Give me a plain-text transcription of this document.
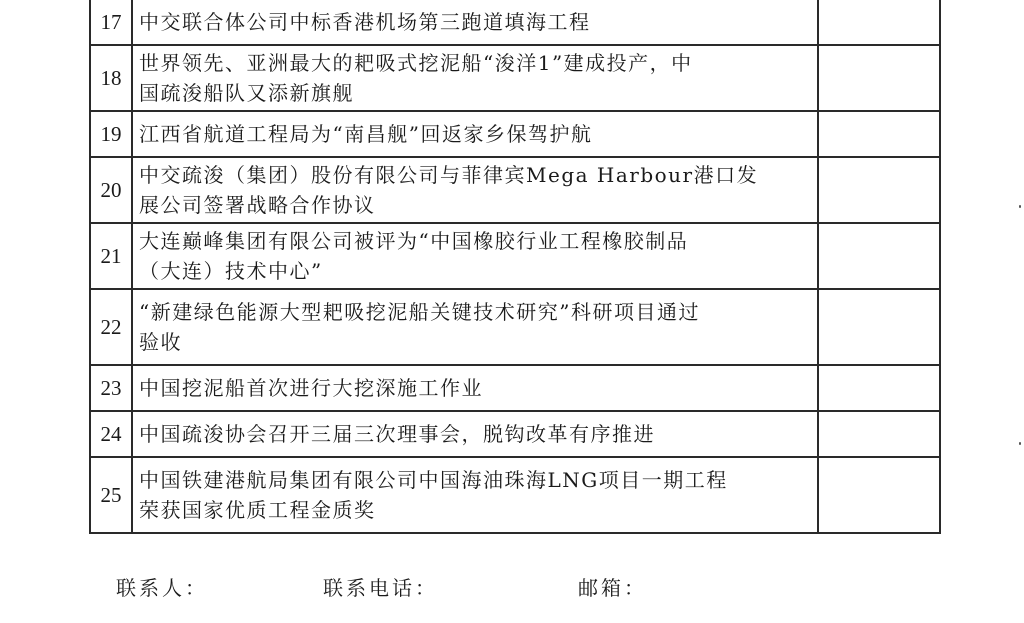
17	中交联合体公司中标香港机场第三跑道填海工程	

18	世界领先、亚洲最大的耙吸式挖泥船“浚洋1”建成投产，中
国疏浚船队又添新旗舰	

19	江西省航道工程局为“南昌舰”回返家乡保驾护航	

20	中交疏浚（集团）股份有限公司与菲律宾Mega Harbour港口发
展公司签署战略合作协议	

21	大连巅峰集团有限公司被评为“中国橡胶行业工程橡胶制品
（大连）技术中心”	

22	“新建绿色能源大型耙吸挖泥船关键技术研究”科研项目通过
验收	

23	中国挖泥船首次进行大挖深施工作业	

24	中国疏浚协会召开三届三次理事会，脱钩改革有序推进	

25	中国铁建港航局集团有限公司中国海油珠海LNG项目一期工程
荣获国家优质工程金质奖	

联系人：	联系电话：	邮箱：
